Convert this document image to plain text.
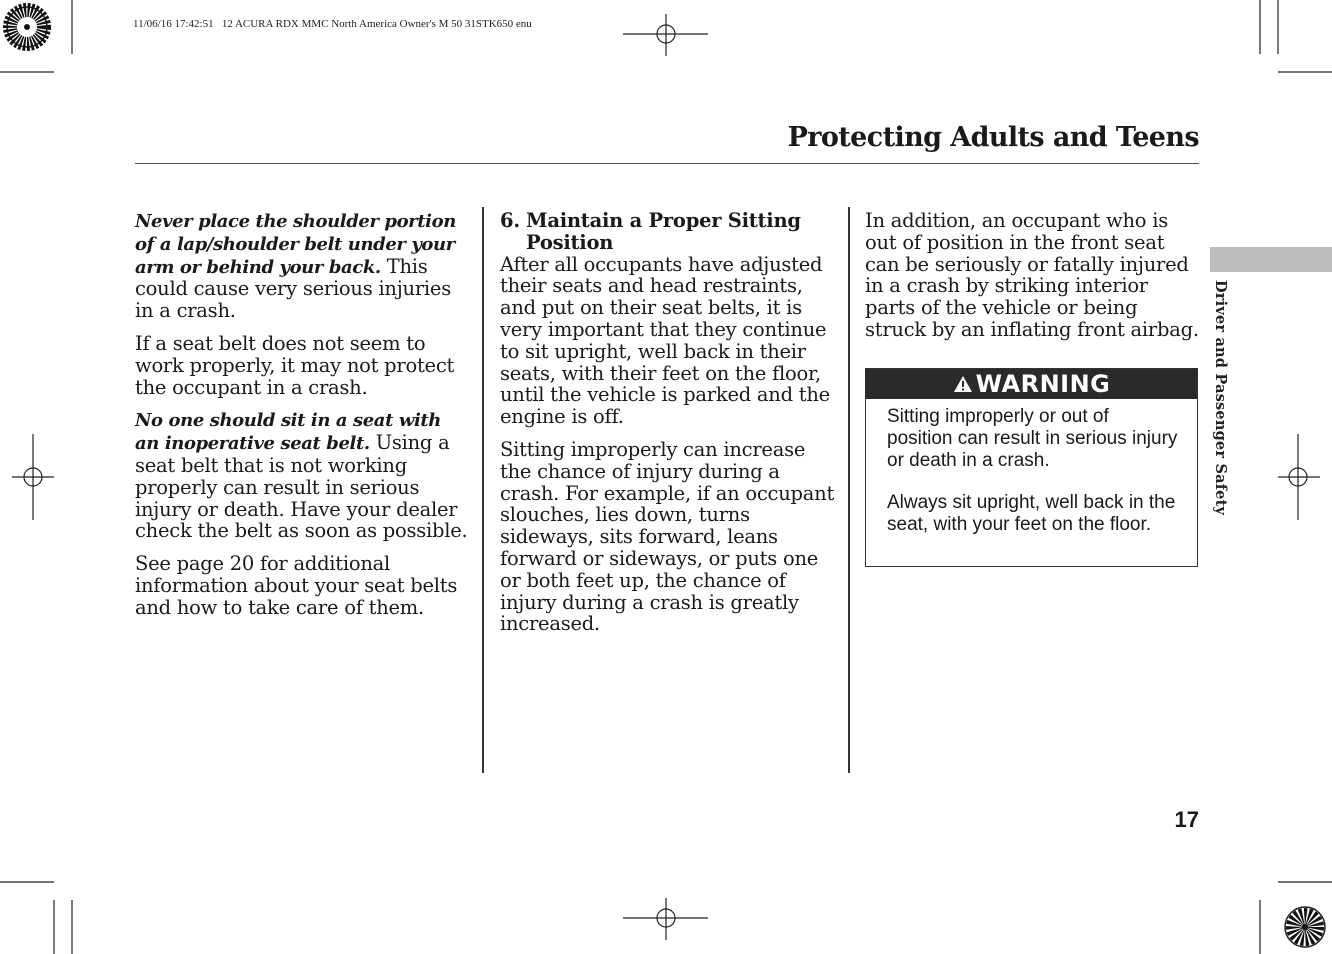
11/06/16 17:42:51   12 ACURA RDX MMC North America Owner's M 50 31STK650 enu
Protecting Adults and Teens

Never place the shoulder portion of a lap/shoulder belt under your arm or behind your back. This could cause very serious injuries in a crash.

If a seat belt does not seem to work properly, it may not protect the occupant in a crash.

No one should sit in a seat with an inoperative seat belt. Using a seat belt that is not working properly can result in serious injury or death. Have your dealer check the belt as soon as possible.

See page 20 for additional information about your seat belts and how to take care of them.

6. Maintain a Proper Sitting
Position

After all occupants have adjusted their seats and head restraints, and put on their seat belts, it is very important that they continue to sit upright, well back in their seats, with their feet on the floor, until the vehicle is parked and the engine is off.

Sitting improperly can increase the chance of injury during a crash. For example, if an occupant slouches, lies down, turns sideways, sits forward, leans forward or sideways, or puts one or both feet up, the chance of injury during a crash is greatly increased.

In addition, an occupant who is out of position in the front seat can be seriously or fatally injured in a crash by striking interior parts of the vehicle or being struck by an inflating front airbag.

WARNING

Sitting improperly or out of position can result in serious injury or death in a crash.

Always sit upright, well back in the seat, with your feet on the floor.

Driver and Passenger Safety
17
